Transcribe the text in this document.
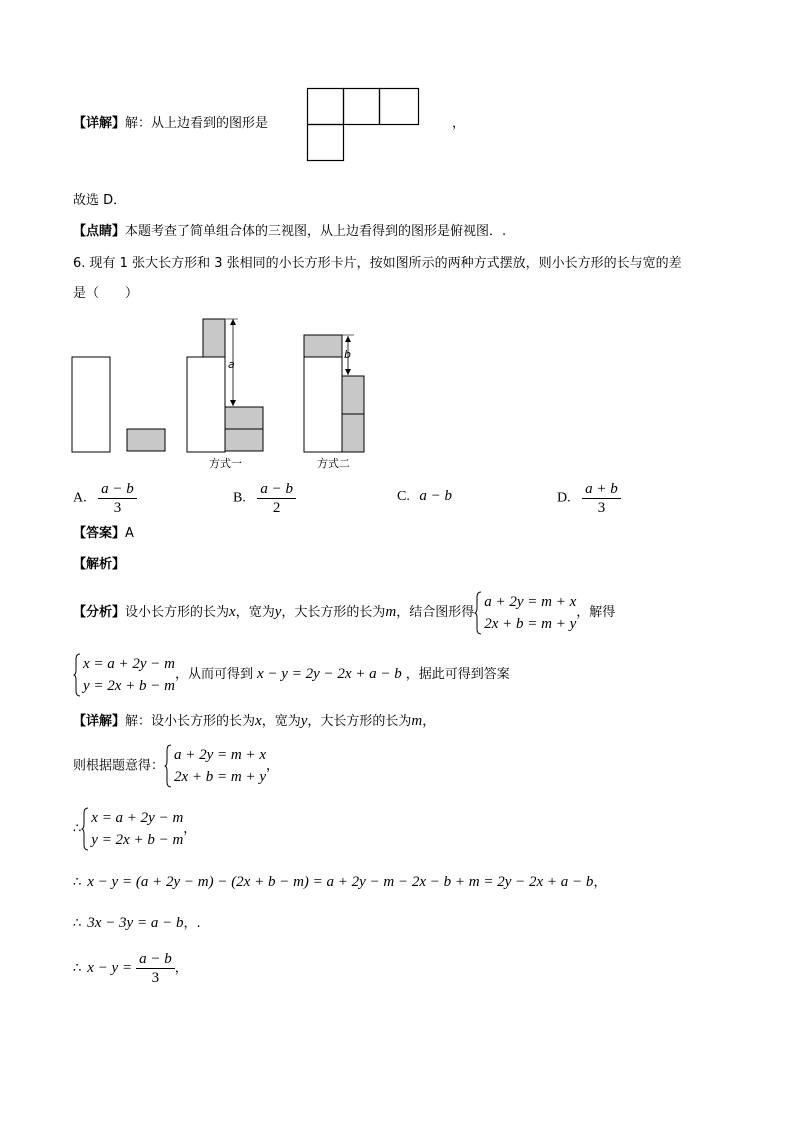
【详解】解：从上边看到的图形是	，
故选 D．
【点睛】本题考查了简单组合体的三视图，从上边看得到的图形是俯视图．.
6. 现有 1 张大长方形和 3 张相同的小长方形卡片，按如图所示的两种方式摆放，则小长方形的长与宽的差
是（　　）
a
方式一
b
方式二
A. $\frac{a - b}{3}$	B. $\frac{a - b}{2}$	C. a − b	D. $\frac{a + b}{3}$
【答案】A
【解析】
【分析】设小长方形的长为x，宽为y，大长方形的长为m，结合图形得
a + 2y = m + x
2x + b = m + y
，解得
x = a + 2y − m
y = 2x + b − m
，从而可得到 x − y = 2y − 2x + a − b ，据此可得到答案
【详解】解：设小长方形的长为x，宽为y，大长方形的长为m，
则根据题意得：
a + 2y = m + x
2x + b = m + y
，
∴
x = a + 2y − m
y = 2x + b − m
，
∴ x − y = (a + 2y − m) − (2x + b − m) = a + 2y − m − 2x − b + m = 2y − 2x + a − b，
∴ 3x − 3y = a − b，.
∴ $x - y = \frac{a - b}{3}$ ，
